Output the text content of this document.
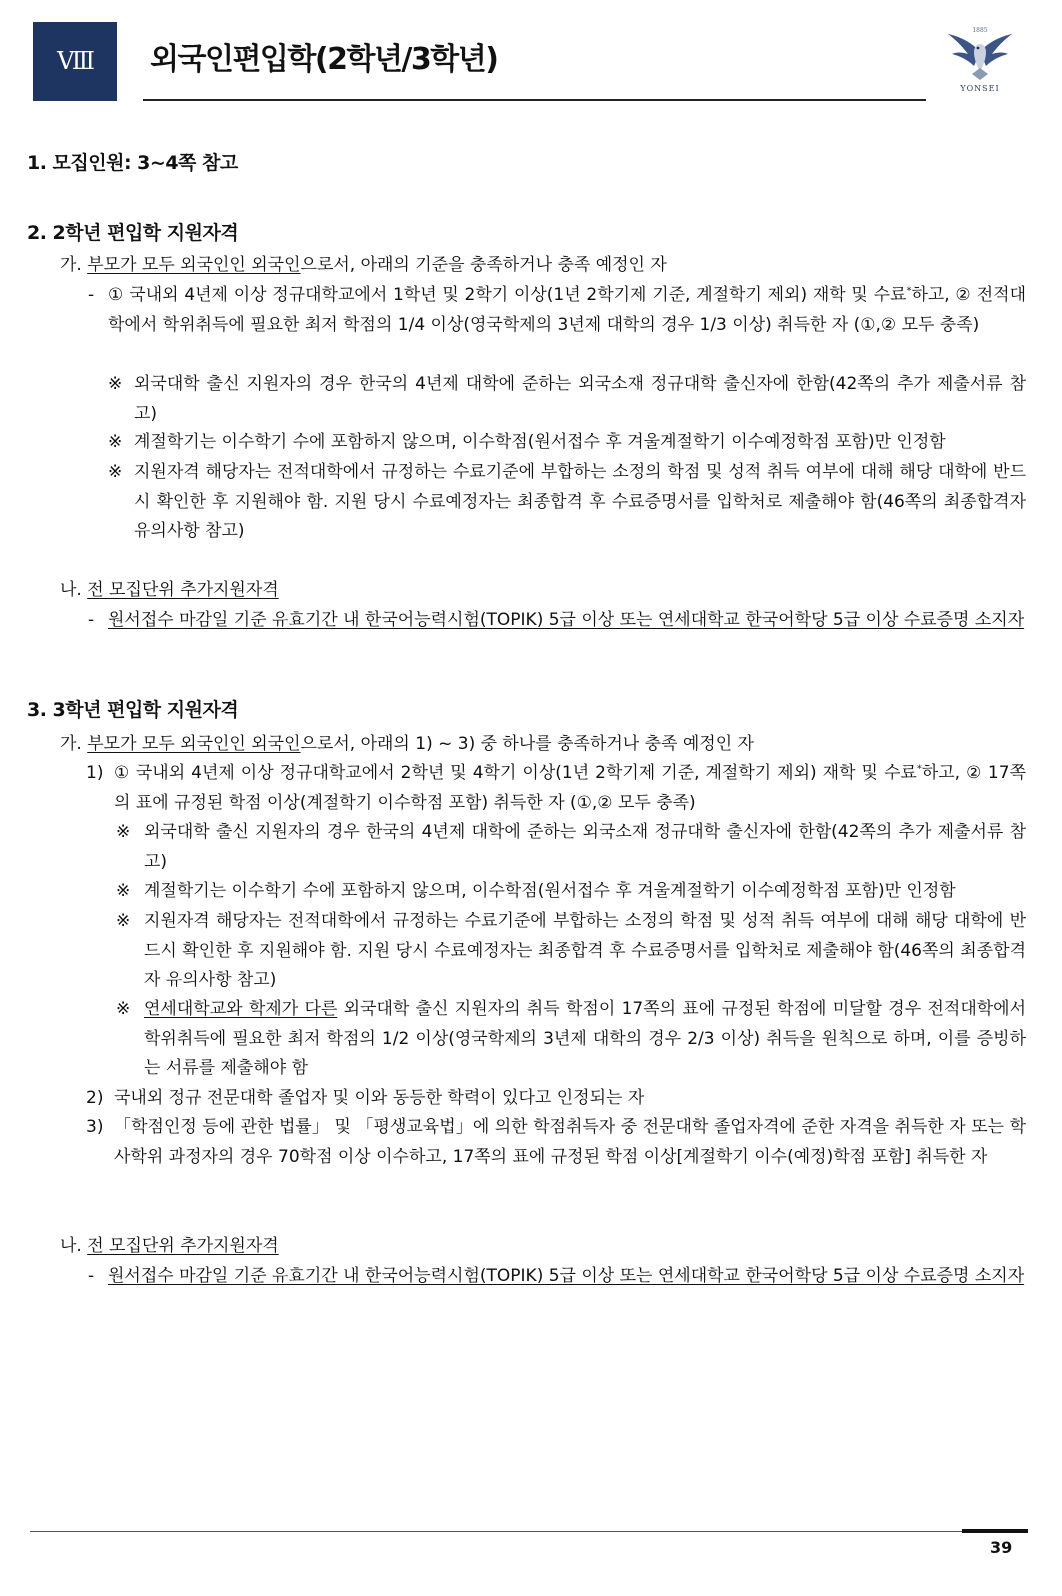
Ⅷ	외국인편입학(2학년/3학년)
1885
YONSEI
1. 모집인원: 3~4쪽 참고
2. 2학년 편입학 지원자격
가. 부모가 모두 외국인인 외국인으로서, 아래의 기준을 충족하거나 충족 예정인 자
- ① 국내외 4년제 이상 정규대학교에서 1학년 및 2학기 이상(1년 2학기제 기준, 계절학기 제외) 재학 및 수료*하고, ② 전적대학에서 학위취득에 필요한 최저 학점의 1/4 이상(영국학제의 3년제 대학의 경우 1/3 이상) 취득한 자 (①,② 모두 충족)
※ 외국대학 출신 지원자의 경우 한국의 4년제 대학에 준하는 외국소재 정규대학 출신자에 한함(42쪽의 추가 제출서류 참고)
※ 계절학기는 이수학기 수에 포함하지 않으며, 이수학점(원서접수 후 겨울계절학기 이수예정학점 포함)만 인정함
※ 지원자격 해당자는 전적대학에서 규정하는 수료기준에 부합하는 소정의 학점 및 성적 취득 여부에 대해 해당 대학에 반드시 확인한 후 지원해야 함. 지원 당시 수료예정자는 최종합격 후 수료증명서를 입학처로 제출해야 함(46쪽의 최종합격자 유의사항 참고)
나. 전 모집단위 추가지원자격
- 원서접수 마감일 기준 유효기간 내 한국어능력시험(TOPIK) 5급 이상 또는 연세대학교 한국어학당 5급 이상 수료증명 소지자
3. 3학년 편입학 지원자격
가. 부모가 모두 외국인인 외국인으로서, 아래의 1) ~ 3) 중 하나를 충족하거나 충족 예정인 자
1) ① 국내외 4년제 이상 정규대학교에서 2학년 및 4학기 이상(1년 2학기제 기준, 계절학기 제외) 재학 및 수료*하고, ② 17쪽의 표에 규정된 학점 이상(계절학기 이수학점 포함) 취득한 자 (①,② 모두 충족)
※ 외국대학 출신 지원자의 경우 한국의 4년제 대학에 준하는 외국소재 정규대학 출신자에 한함(42쪽의 추가 제출서류 참고)
※ 계절학기는 이수학기 수에 포함하지 않으며, 이수학점(원서접수 후 겨울계절학기 이수예정학점 포함)만 인정함
※ 지원자격 해당자는 전적대학에서 규정하는 수료기준에 부합하는 소정의 학점 및 성적 취득 여부에 대해 해당 대학에 반드시 확인한 후 지원해야 함. 지원 당시 수료예정자는 최종합격 후 수료증명서를 입학처로 제출해야 함(46쪽의 최종합격자 유의사항 참고)
※ 연세대학교와 학제가 다른 외국대학 출신 지원자의 취득 학점이 17쪽의 표에 규정된 학점에 미달할 경우 전적대학에서 학위취득에 필요한 최저 학점의 1/2 이상(영국학제의 3년제 대학의 경우 2/3 이상) 취득을 원칙으로 하며, 이를 증빙하는 서류를 제출해야 함
2) 국내외 정규 전문대학 졸업자 및 이와 동등한 학력이 있다고 인정되는 자
3) 「학점인정 등에 관한 법률」 및 「평생교육법」에 의한 학점취득자 중 전문대학 졸업자격에 준한 자격을 취득한 자 또는 학사학위 과정자의 경우 70학점 이상 이수하고, 17쪽의 표에 규정된 학점 이상[계절학기 이수(예정)학점 포함] 취득한 자
나. 전 모집단위 추가지원자격
- 원서접수 마감일 기준 유효기간 내 한국어능력시험(TOPIK) 5급 이상 또는 연세대학교 한국어학당 5급 이상 수료증명 소지자
39
